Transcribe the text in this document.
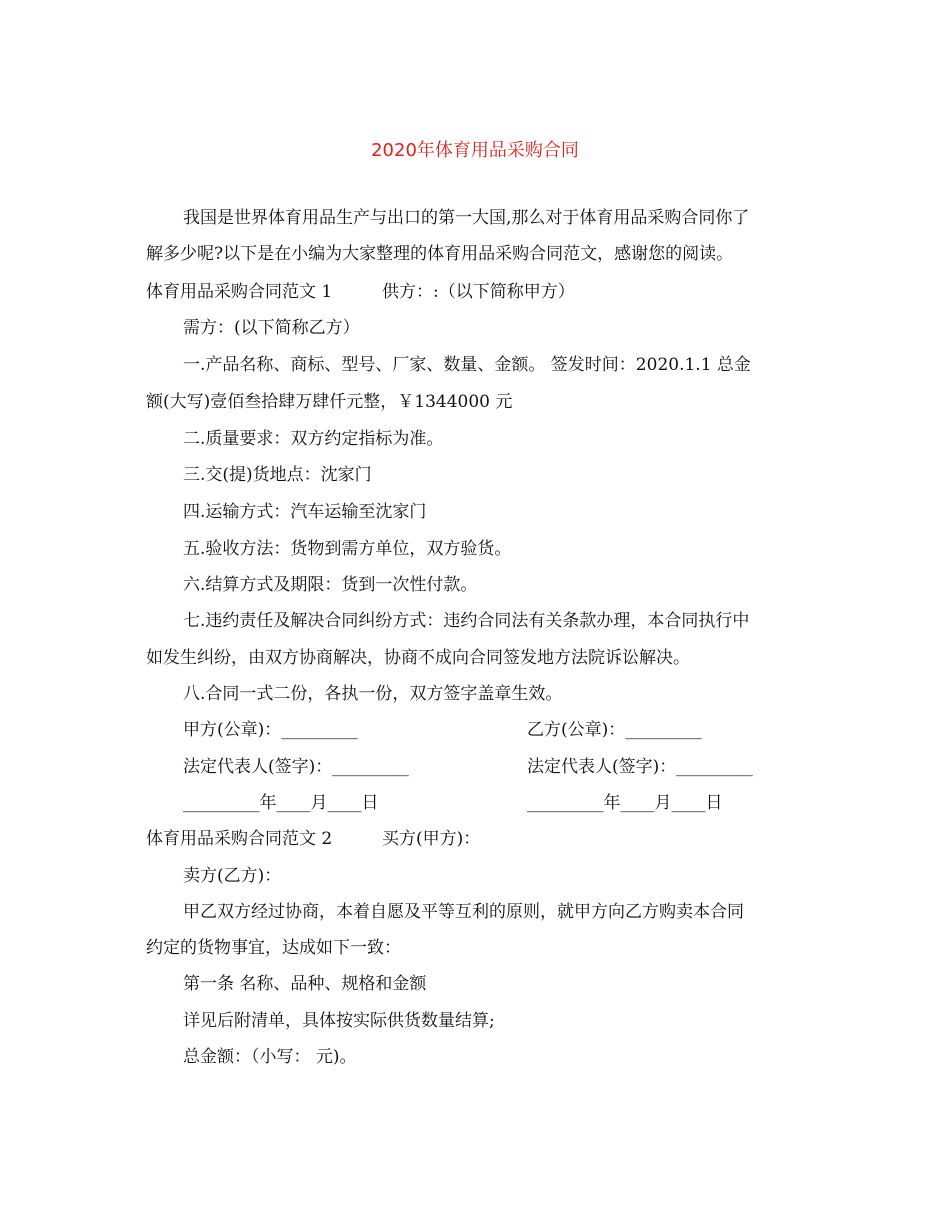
2020年体育用品采购合同
我国是世界体育用品生产与出口的第一大国,那么对于体育用品采购合同你了
解多少呢?以下是在小编为大家整理的体育用品采购合同范文，感谢您的阅读。
体育用品采购合同范文 1	供方：:（以下简称甲方）
需方：(以下简称乙方）
一.产品名称、商标、型号、厂家、数量、金额。 签发时间：2020.1.1 总金
额(大写)壹佰叁拾肆万肆仟元整，￥1344000 元
二.质量要求：双方约定指标为准。
三.交(提)货地点：沈家门
四.运输方式：汽车运输至沈家门
五.验收方法：货物到需方单位，双方验货。
六.结算方式及期限：货到一次性付款。
七.违约责任及解决合同纠纷方式：违约合同法有关条款办理，本合同执行中
如发生纠纷，由双方协商解决，协商不成向合同签发地方法院诉讼解决。
八.合同一式二份，各执一份，双方签字盖章生效。
甲方(公章)：_________	乙方(公章)：_________
法定代表人(签字)：_________	法定代表人(签字)：_________
_________年____月____日	_________年____月____日
体育用品采购合同范文 2	买方(甲方)：
卖方(乙方)：
甲乙双方经过协商，本着自愿及平等互利的原则，就甲方向乙方购卖本合同
约定的货物事宜，达成如下一致：
第一条 名称、品种、规格和金额
详见后附清单，具体按实际供货数量结算;
总金额：（小写： 元)。
